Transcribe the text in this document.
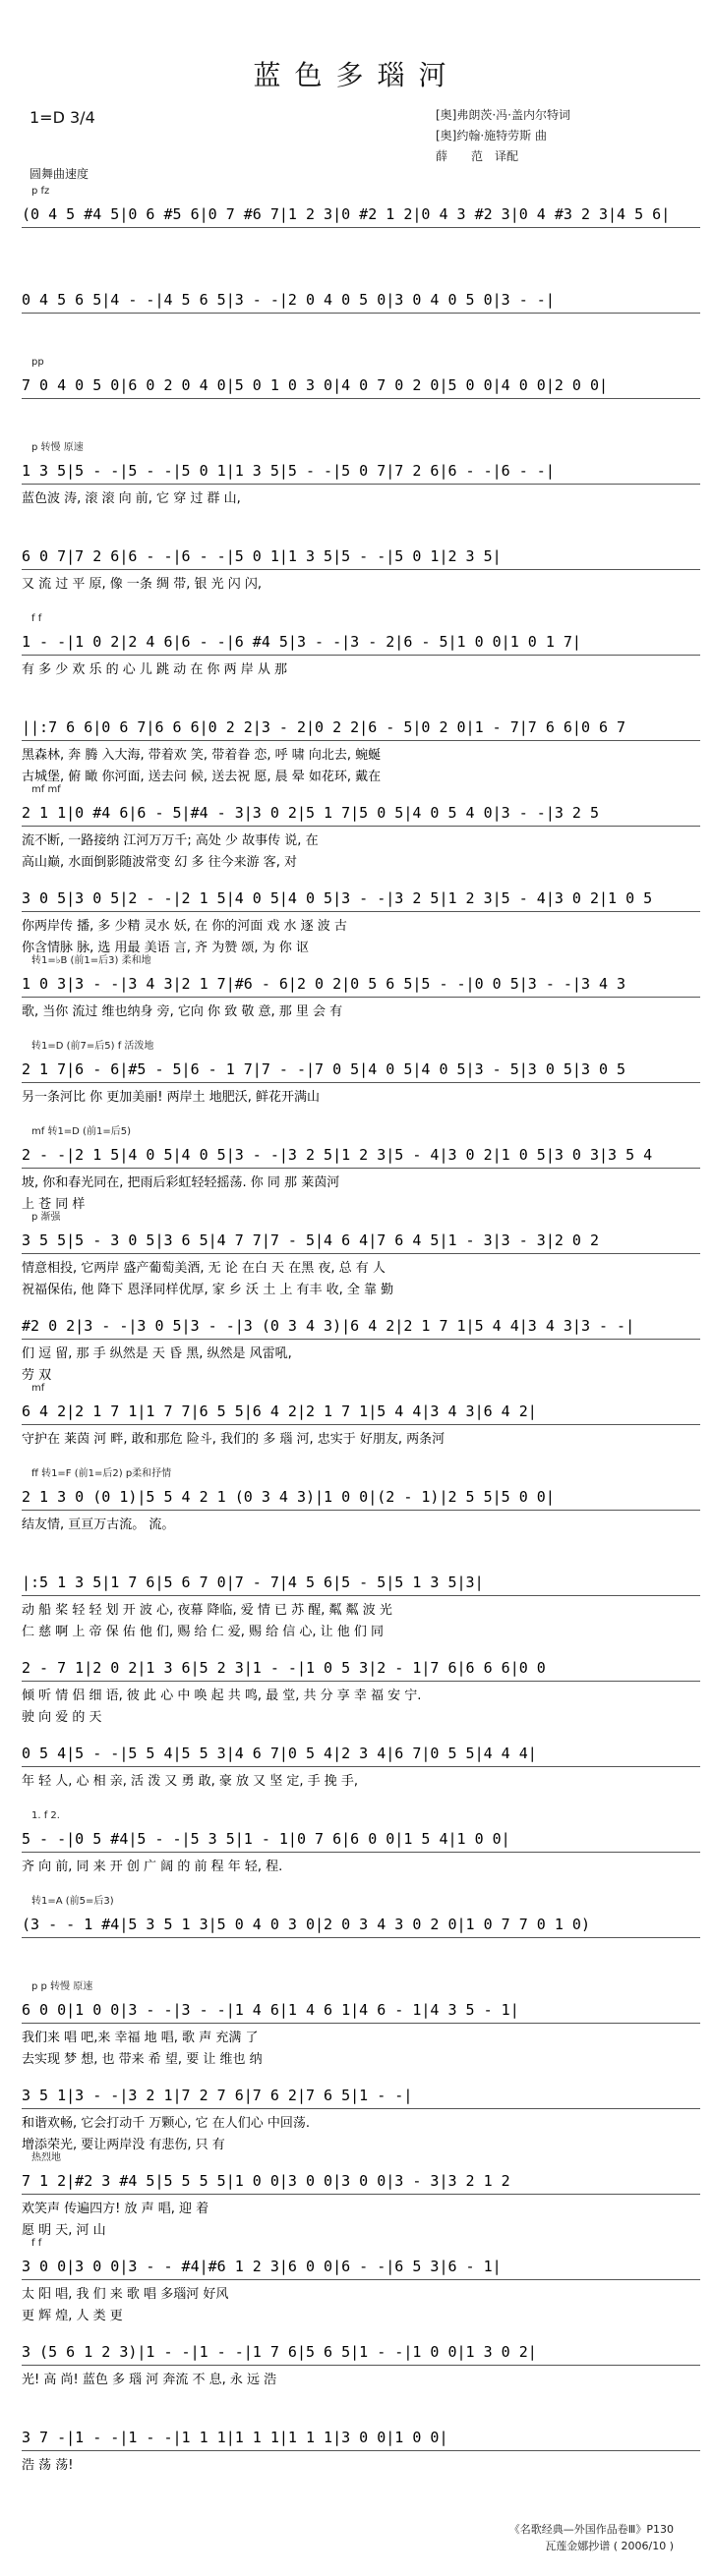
蓝色多瑙河
1=D 3/4	[奥]弗朗茨·冯·盖内尔特词
[奥]约翰·施特劳斯 曲
薛　　范　译配
圆舞曲速度
p fz
(0 4 5 #4 5|0 6 #5 6|0 7 #6 7|1 2 3|0 #2 1 2|0 4 3 #2 3|0 4 #3 2 3|4 5 6|
0 4 5 6 5|4 - -|4 5 6 5|3 - -|2 0 4 0 5 0|3 0 4 0 5 0|3 - -|
pp
7 0 4 0 5 0|6 0 2 0 4 0|5 0 1 0 3 0|4 0 7 0 2 0|5 0 0|4 0 0|2 0 0|
p 转慢 原速
1 3 5|5 - -|5 - -|5 0 1|1 3 5|5 - -|5 0 7|7 2 6|6 - -|6 - -|
蓝色波 涛, 滚 滚 向 前, 它 穿 过 群 山,
6 0 7|7 2 6|6 - -|6 - -|5 0 1|1 3 5|5 - -|5 0 1|2 3 5|
又 流 过 平 原, 像 一条 绸 带, 银 光 闪 闪,
f f
1 - -|1 0 2|2 4 6|6 - -|6 #4 5|3 - -|3 - 2|6 - 5|1 0 0|1 0 1 7|
有 多 少 欢 乐 的 心 儿 跳 动 在 你 两 岸 从 那
||:7 6 6|0 6 7|6 6 6|0 2 2|3 - 2|0 2 2|6 - 5|0 2 0|1 - 7|7 6 6|0 6 7
黑森林, 奔 腾 入大海, 带着欢 笑, 带着眷 恋, 呼 啸 向北去, 蜿蜒
古城堡, 俯 瞰 你河面, 送去问 候, 送去祝 愿, 晨 晕 如花环, 戴在
mf mf
2 1 1|0 #4 6|6 - 5|#4 - 3|3 0 2|5 1 7|5 0 5|4 0 5 4 0|3 - -|3 2 5
流不断, 一路接纳 江河万万千; 高处 少 故事传 说, 在
高山巅, 水面倒影随波常变 幻 多 往今来游 客, 对
3 0 5|3 0 5|2 - -|2 1 5|4 0 5|4 0 5|3 - -|3 2 5|1 2 3|5 - 4|3 0 2|1 0 5
你两岸传 播, 多 少精 灵水 妖, 在 你的河面 戏 水 逐 波 古
你含情脉 脉, 选 用最 美语 言, 齐 为赞 颂, 为 你 讴
转1=♭B (前1=后3) 柔和地
1 0 3|3 - -|3 4 3|2 1 7|#6 - 6|2 0 2|0 5 6 5|5 - -|0 0 5|3 - -|3 4 3
歌, 当你 流过 维也纳身 旁, 它向 你 致 敬 意, 那 里 会 有
转1=D (前7=后5) f 活泼地
2 1 7|6 - 6|#5 - 5|6 - 1 7|7 - -|7 0 5|4 0 5|4 0 5|3 - 5|3 0 5|3 0 5
另一条河比 你 更加美丽! 两岸土 地肥沃, 鲜花开满山
mf 转1=D (前1=后5)
2 - -|2 1 5|4 0 5|4 0 5|3 - -|3 2 5|1 2 3|5 - 4|3 0 2|1 0 5|3 0 3|3 5 4
坡, 你和春光同在, 把雨后彩虹轻轻摇荡. 你 同 那 莱茵河
上 苍 同 样
p 渐强
3 5 5|5 - 3 0 5|3 6 5|4 7 7|7 - 5|4 6 4|7 6 4 5|1 - 3|3 - 3|2 0 2
情意相投, 它两岸 盛产葡萄美酒, 无 论 在白 天 在黑 夜, 总 有 人
祝福保佑, 他 降下 恩泽同样优厚, 家 乡 沃 土 上 有丰 收, 全 靠 勤
#2 0 2|3 - -|3 0 5|3 - -|3 (0 3 4 3)|6 4 2|2 1 7 1|5 4 4|3 4 3|3 - -|
们 逗 留, 那 手 纵然是 天 昏 黑, 纵然是 风雷吼,
劳 双
mf
6 4 2|2 1 7 1|1 7 7|6 5 5|6 4 2|2 1 7 1|5 4 4|3 4 3|6 4 2|
守护在 莱茵 河 畔, 敢和那危 险斗, 我们的 多 瑙 河, 忠实于 好朋友, 两条河
ff 转1=F (前1=后2) p柔和抒情
2 1 3 0 (0 1)|5 5 4 2 1 (0 3 4 3)|1 0 0|(2 - 1)|2 5 5|5 0 0|
结友情, 亘亘万古流。 流。
|:5 1 3 5|1 7 6|5 6 7 0|7 - 7|4 5 6|5 - 5|5 1 3 5|3|
动 船 桨 轻 轻 划 开 波 心, 夜幕 降临, 爱 情 已 苏 醒, 粼 粼 波 光
仁 慈 啊 上 帝 保 佑 他 们, 赐 给 仁 爱, 赐 给 信 心, 让 他 们 同
2 - 7 1|2 0 2|1 3 6|5 2 3|1 - -|1 0 5 3|2 - 1|7 6|6 6 6|0 0
倾 听 情 侣 细 语, 彼 此 心 中 唤 起 共 鸣, 最 堂, 共 分 享 幸 福 安 宁.
驶 向 爱 的 天
0 5 4|5 - -|5 5 4|5 5 3|4 6 7|0 5 4|2 3 4|6 7|0 5 5|4 4 4|
年 轻 人, 心 相 亲, 活 泼 又 勇 敢, 豪 放 又 坚 定, 手 挽 手,
1. f 2.
5 - -|0 5 #4|5 - -|5 3 5|1 - 1|0 7 6|6 0 0|1 5 4|1 0 0|
齐 向 前, 同 来 开 创 广 阔 的 前 程 年 轻, 程.
转1=A (前5=后3)
(3 - - 1 #4|5 3 5 1 3|5 0 4 0 3 0|2 0 3 4 3 0 2 0|1 0 7 7 0 1 0)
p p 转慢 原速
6 0 0|1 0 0|3 - -|3 - -|1 4 6|1 4 6 1|4 6 - 1|4 3 5 - 1|
我们来 唱 吧,来 幸福 地 唱, 歌 声 充满 了
去实现 梦 想, 也 带来 希 望, 要 让 维也 纳
3 5 1|3 - -|3 2 1|7 2 7 6|7 6 2|7 6 5|1 - -|
和谐欢畅, 它会打动千 万颗心, 它 在人们心 中回荡.
增添荣光, 要让两岸没 有悲伤, 只 有
热烈地
7 1 2|#2 3 #4 5|5 5 5 5|1 0 0|3 0 0|3 0 0|3 - 3|3 2 1 2
欢笑声 传遍四方! 放 声 唱, 迎 着
愿 明 天, 河 山
f f
3 0 0|3 0 0|3 - - #4|#6 1 2 3|6 0 0|6 - -|6 5 3|6 - 1|
太 阳 唱, 我 们 来 歌 唱 多瑙河 好风
更 辉 煌, 人 类 更
3 (5 6 1 2 3)|1 - -|1 - -|1 7 6|5 6 5|1 - -|1 0 0|1 3 0 2|
光! 高 尚! 蓝色 多 瑙 河 奔流 不 息, 永 远 浩
3 7 -|1 - -|1 - -|1 1 1|1 1 1|1 1 1|3 0 0|1 0 0|
浩 荡 荡!
《名歌经典—外国作品卷Ⅲ》P130
瓦莲金娜抄谱 ( 2006/10 )
